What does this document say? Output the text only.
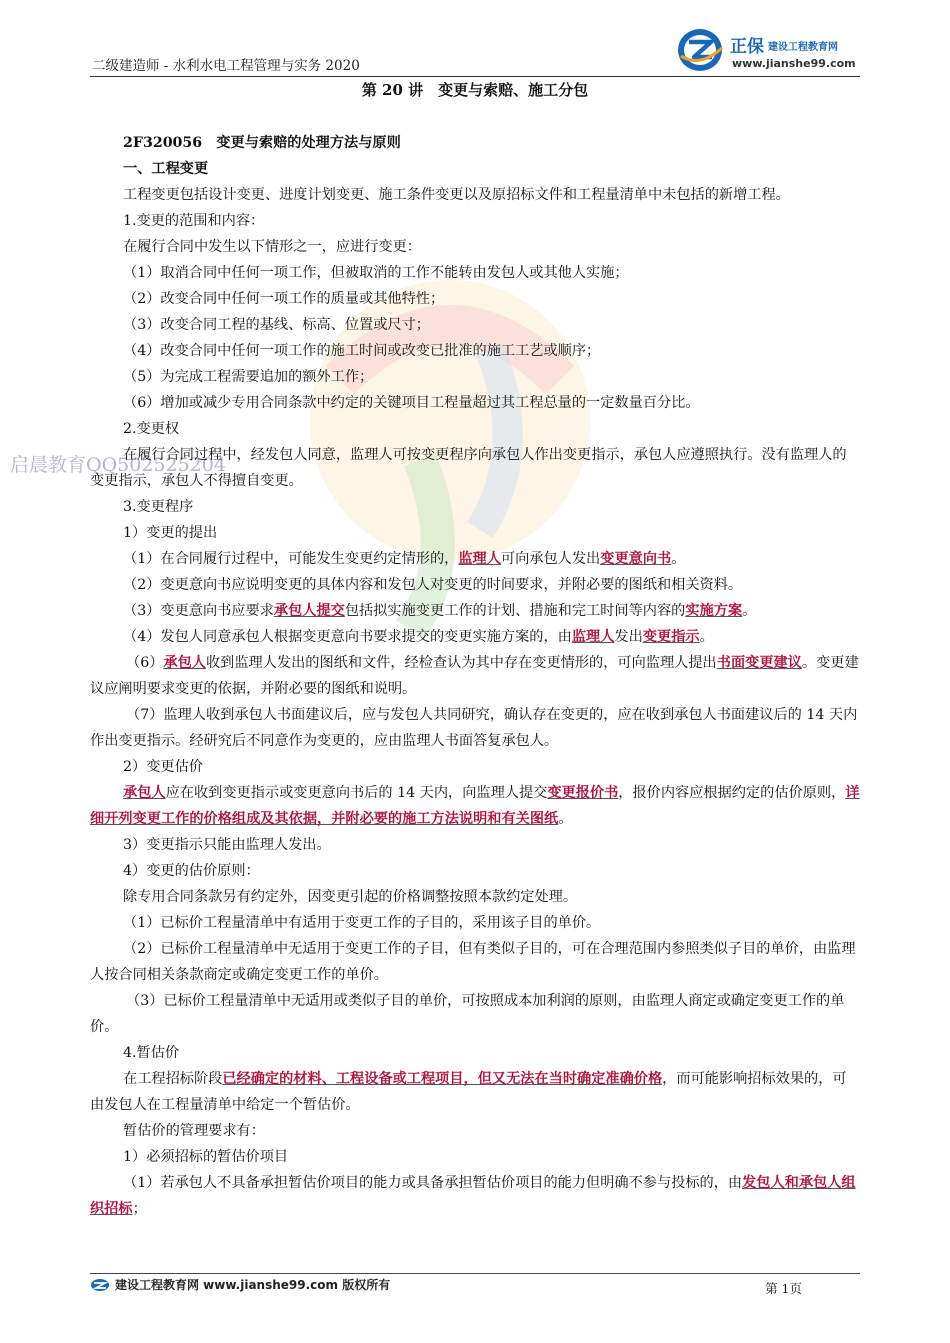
二级建造师 - 水利水电工程管理与实务 2020
正保 建设工程教育网
www.jianshe99.com
启晨教育QQ502525204
第 20 讲　变更与索赔、施工分包

2F320056　变更与索赔的处理方法与原则

一、工程变更

工程变更包括设计变更、进度计划变更、施工条件变更以及原招标文件和工程量清单中未包括的新增工程。

1.变更的范围和内容：

在履行合同中发生以下情形之一，应进行变更：

（1）取消合同中任何一项工作，但被取消的工作不能转由发包人或其他人实施；

（2）改变合同中任何一项工作的质量或其他特性；

（3）改变合同工程的基线、标高、位置或尺寸；

（4）改变合同中任何一项工作的施工时间或改变已批准的施工工艺或顺序；

（5）为完成工程需要追加的额外工作；

（6）增加或减少专用合同条款中约定的关键项目工程量超过其工程总量的一定数量百分比。

2.变更权

在履行合同过程中，经发包人同意，监理人可按变更程序向承包人作出变更指示，承包人应遵照执行。没有监理人的变更指示，承包人不得擅自变更。

3.变更程序

1）变更的提出

（1）在合同履行过程中，可能发生变更约定情形的，监理人可向承包人发出变更意向书。

（2）变更意向书应说明变更的具体内容和发包人对变更的时间要求，并附必要的图纸和相关资料。

（3）变更意向书应要求承包人提交包括拟实施变更工作的计划、措施和完工时间等内容的实施方案。

（4）发包人同意承包人根据变更意向书要求提交的变更实施方案的，由监理人发出变更指示。

（6）承包人收到监理人发出的图纸和文件，经检查认为其中存在变更情形的，可向监理人提出书面变更建议。变更建议应阐明要求变更的依据，并附必要的图纸和说明。

（7）监理人收到承包人书面建议后，应与发包人共同研究，确认存在变更的，应在收到承包人书面建议后的 14 天内作出变更指示。经研究后不同意作为变更的，应由监理人书面答复承包人。

2）变更估价

承包人应在收到变更指示或变更意向书后的 14 天内，向监理人提交变更报价书，报价内容应根据约定的估价原则，详细开列变更工作的价格组成及其依据，并附必要的施工方法说明和有关图纸。

3）变更指示只能由监理人发出。

4）变更的估价原则：

除专用合同条款另有约定外，因变更引起的价格调整按照本款约定处理。

（1）已标价工程量清单中有适用于变更工作的子目的，采用该子目的单价。

（2）已标价工程量清单中无适用于变更工作的子目，但有类似子目的，可在合理范围内参照类似子目的单价，由监理人按合同相关条款商定或确定变更工作的单价。

（3）已标价工程量清单中无适用或类似子目的单价，可按照成本加利润的原则，由监理人商定或确定变更工作的单价。

4.暂估价

在工程招标阶段已经确定的材料、工程设备或工程项目，但又无法在当时确定准确价格，而可能影响招标效果的，可由发包人在工程量清单中给定一个暂估价。

暂估价的管理要求有：

1）必须招标的暂估价项目

（1）若承包人不具备承担暂估价项目的能力或具备承担暂估价项目的能力但明确不参与投标的，由发包人和承包人组织招标；

建设工程教育网 www.jianshe99.com 版权所有	第 1页
